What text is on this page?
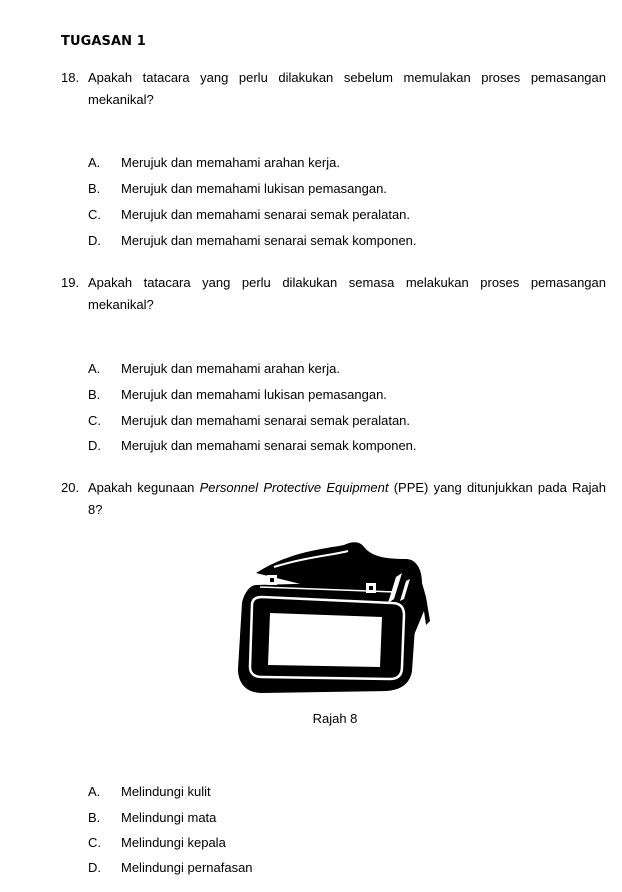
TUGASAN 1
18. Apakah tatacara yang perlu dilakukan sebelum memulakan proses pemasangan mekanikal?
A. Merujuk dan memahami arahan kerja.
B. Merujuk dan memahami lukisan pemasangan.
C. Merujuk dan memahami senarai semak peralatan.
D. Merujuk dan memahami senarai semak komponen.
19. Apakah tatacara yang perlu dilakukan semasa melakukan proses pemasangan mekanikal?
A. Merujuk dan memahami arahan kerja.
B. Merujuk dan memahami lukisan pemasangan.
C. Merujuk dan memahami senarai semak peralatan.
D. Merujuk dan memahami senarai semak komponen.
20. Apakah kegunaan Personnel Protective Equipment (PPE) yang ditunjukkan pada Rajah 8?
Rajah 8
A. Melindungi kulit
B. Melindungi mata
C. Melindungi kepala
D. Melindungi pernafasan
